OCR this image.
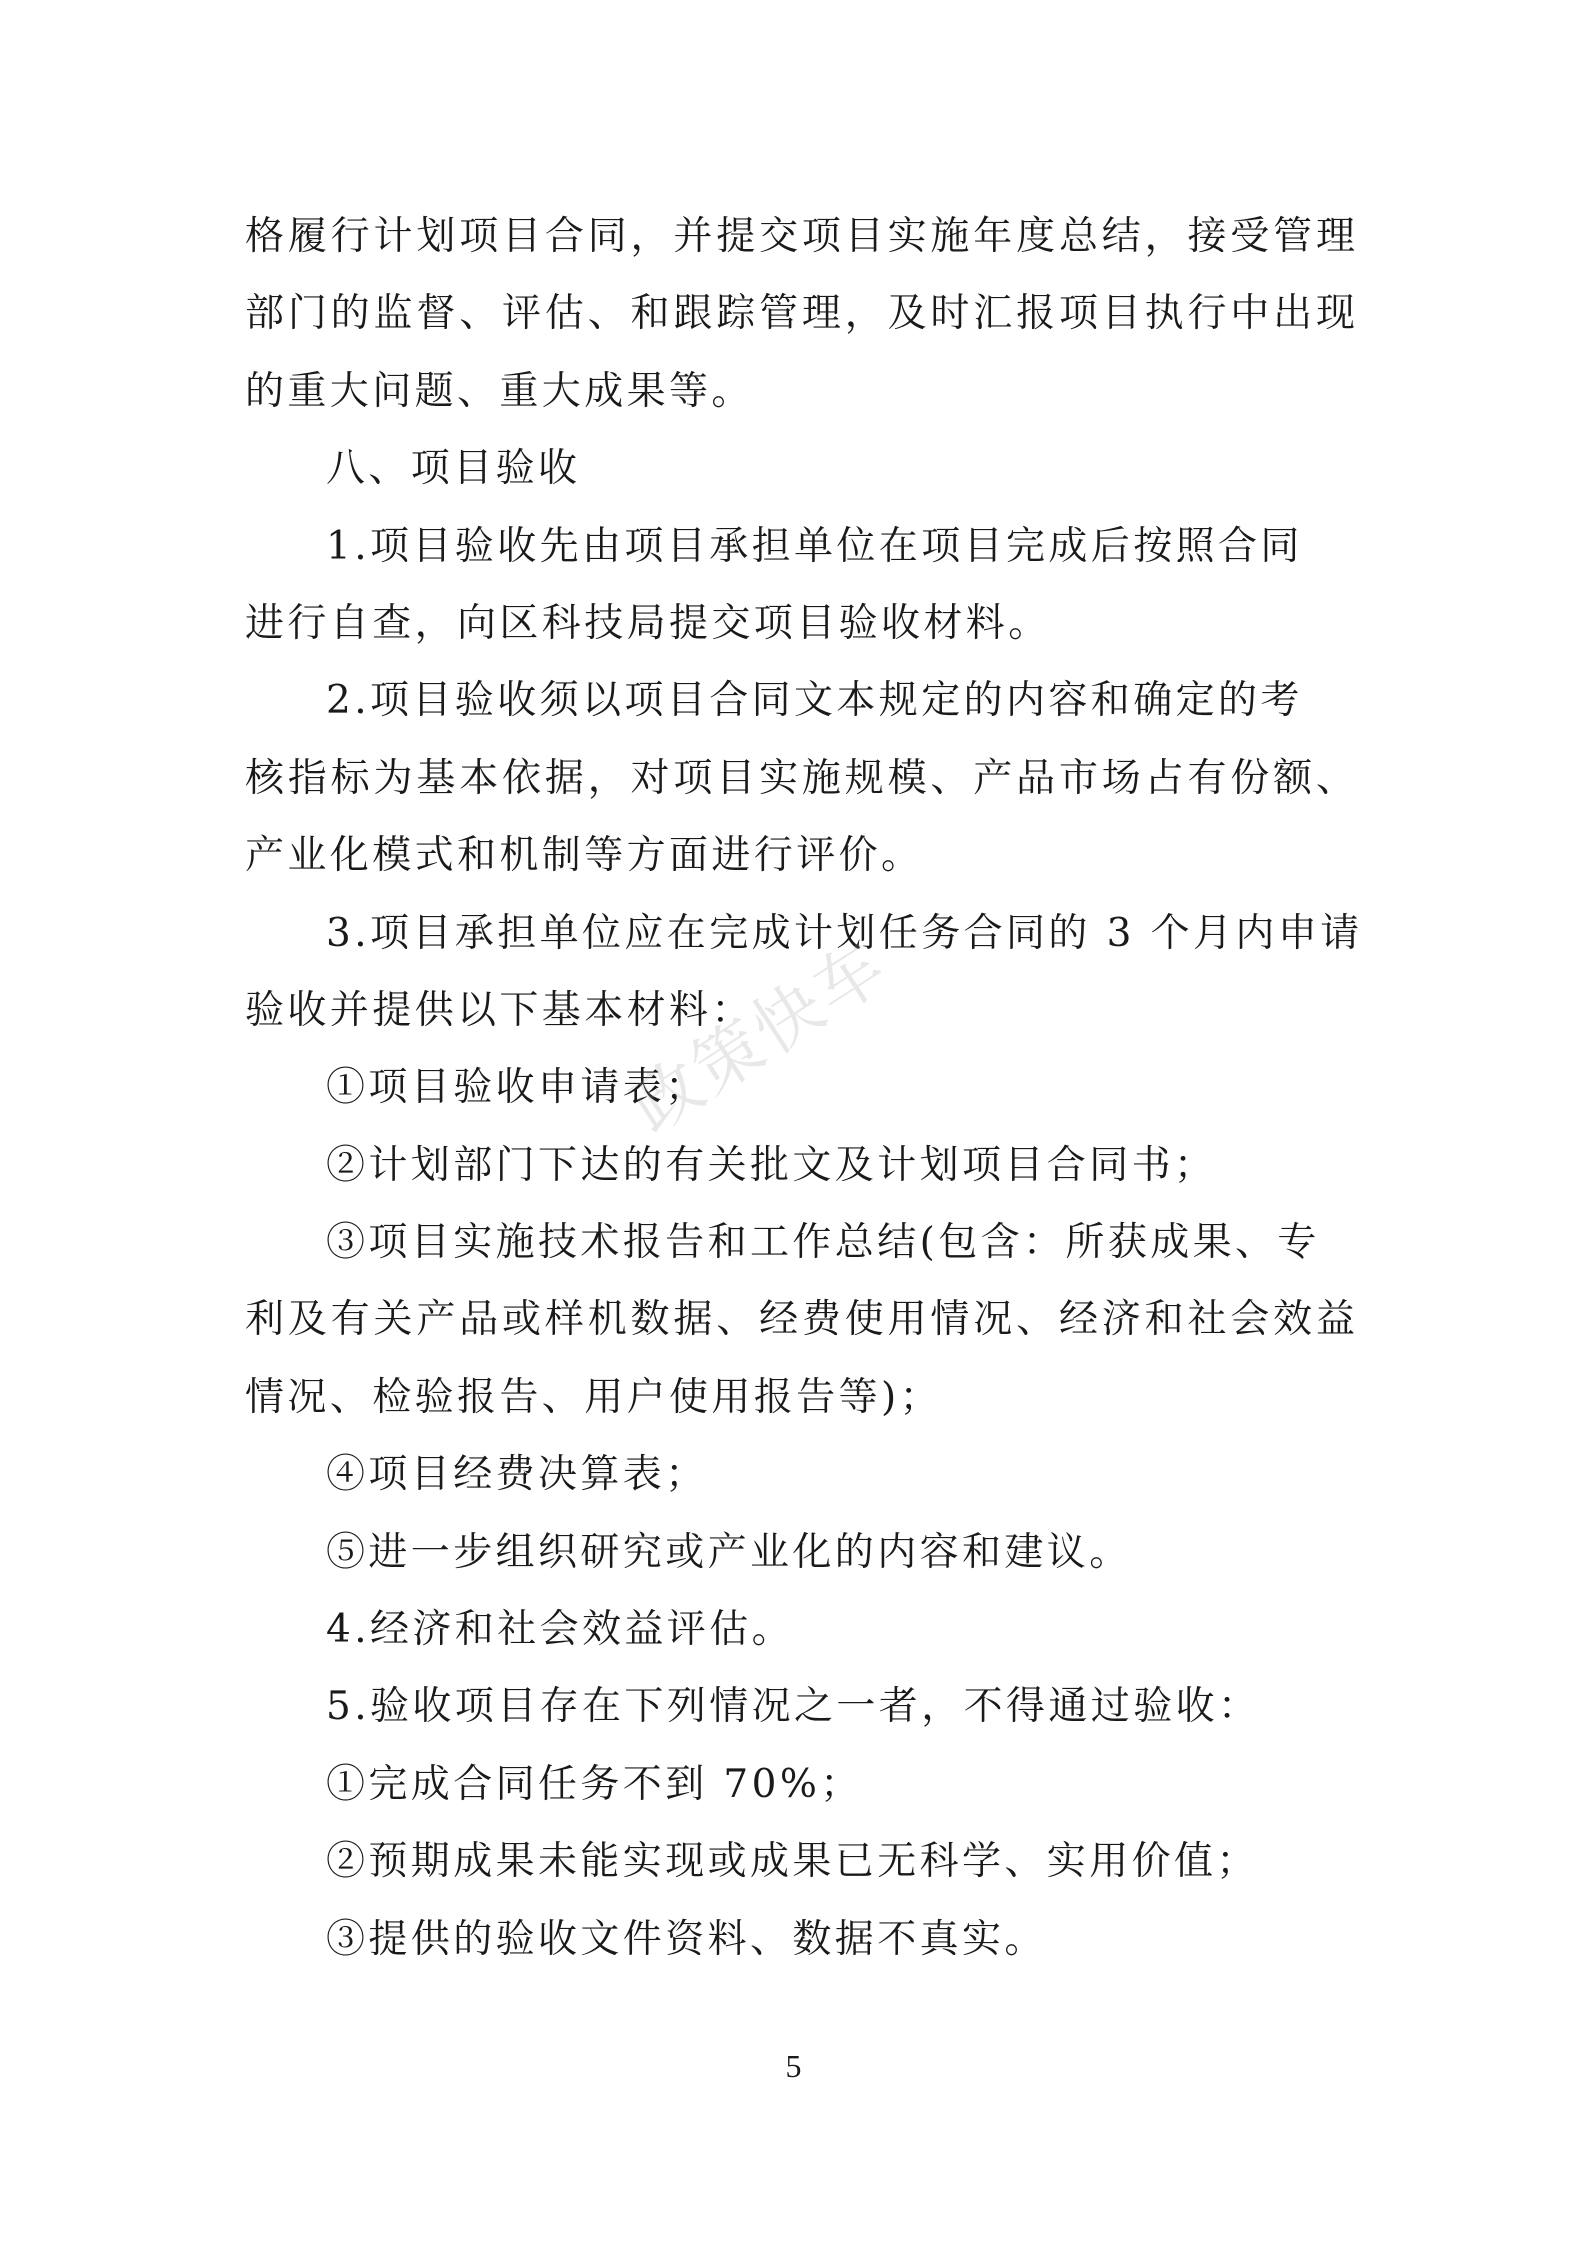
格履行计划项目合同，并提交项目实施年度总结，接受管理
部门的监督、评估、和跟踪管理，及时汇报项目执行中出现
的重大问题、重大成果等。
八、项目验收
1.项目验收先由项目承担单位在项目完成后按照合同
进行自查，向区科技局提交项目验收材料。
2.项目验收须以项目合同文本规定的内容和确定的考
核指标为基本依据，对项目实施规模、产品市场占有份额、
产业化模式和机制等方面进行评价。
3.项目承担单位应在完成计划任务合同的 3 个月内申请
验收并提供以下基本材料：
①项目验收申请表；
②计划部门下达的有关批文及计划项目合同书；
③项目实施技术报告和工作总结(包含：所获成果、专
利及有关产品或样机数据、经费使用情况、经济和社会效益
情况、检验报告、用户使用报告等)；
④项目经费决算表；
⑤进一步组织研究或产业化的内容和建议。
4.经济和社会效益评估。
5.验收项目存在下列情况之一者，不得通过验收：
①完成合同任务不到 70%；
②预期成果未能实现或成果已无科学、实用价值；
③提供的验收文件资料、数据不真实。
政策快车
5
